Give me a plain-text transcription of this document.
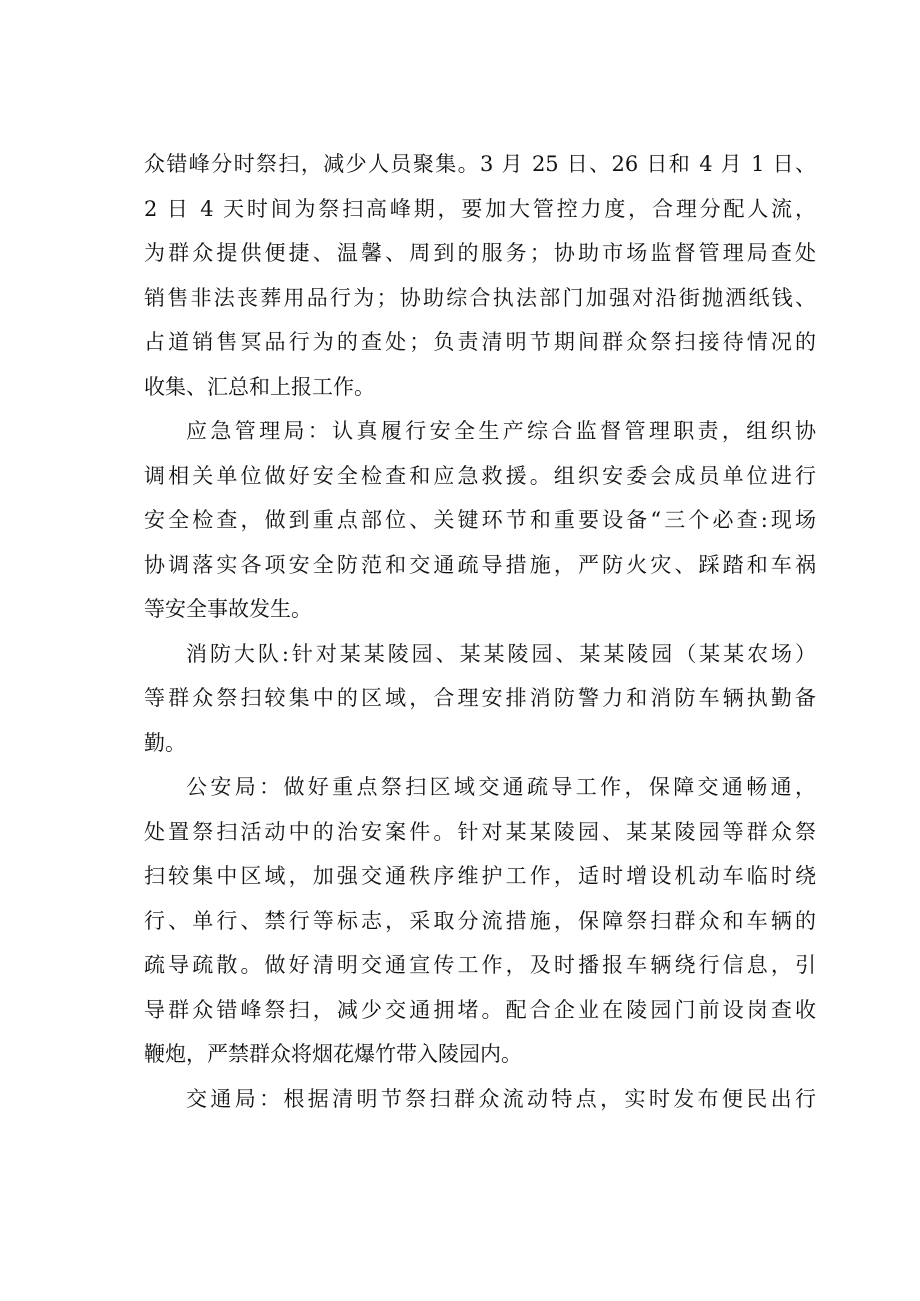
众错峰分时祭扫，减少人员聚集。3 月 25 日、26 日和 4 月 1 日、
2 日 4 天时间为祭扫高峰期，要加大管控力度，合理分配人流，
为群众提供便捷、温馨、周到的服务；协助市场监督管理局查处
销售非法丧葬用品行为；协助综合执法部门加强对沿街抛洒纸钱、
占道销售冥品行为的查处；负责清明节期间群众祭扫接待情况的
收集、汇总和上报工作。
应急管理局：认真履行安全生产综合监督管理职责，组织协
调相关单位做好安全检查和应急救援。组织安委会成员单位进行
安全检查，做到重点部位、关键环节和重要设备“三个必查:现场
协调落实各项安全防范和交通疏导措施，严防火灾、踩踏和车祸
等安全事故发生。
消防大队:针对某某陵园、某某陵园、某某陵园（某某农场）
等群众祭扫较集中的区域，合理安排消防警力和消防车辆执勤备
勤。
公安局：做好重点祭扫区域交通疏导工作，保障交通畅通，
处置祭扫活动中的治安案件。针对某某陵园、某某陵园等群众祭
扫较集中区域，加强交通秩序维护工作，适时增设机动车临时绕
行、单行、禁行等标志，采取分流措施，保障祭扫群众和车辆的
疏导疏散。做好清明交通宣传工作，及时播报车辆绕行信息，引
导群众错峰祭扫，减少交通拥堵。配合企业在陵园门前设岗查收
鞭炮，严禁群众将烟花爆竹带入陵园内。
交通局：根据清明节祭扫群众流动特点，实时发布便民出行
